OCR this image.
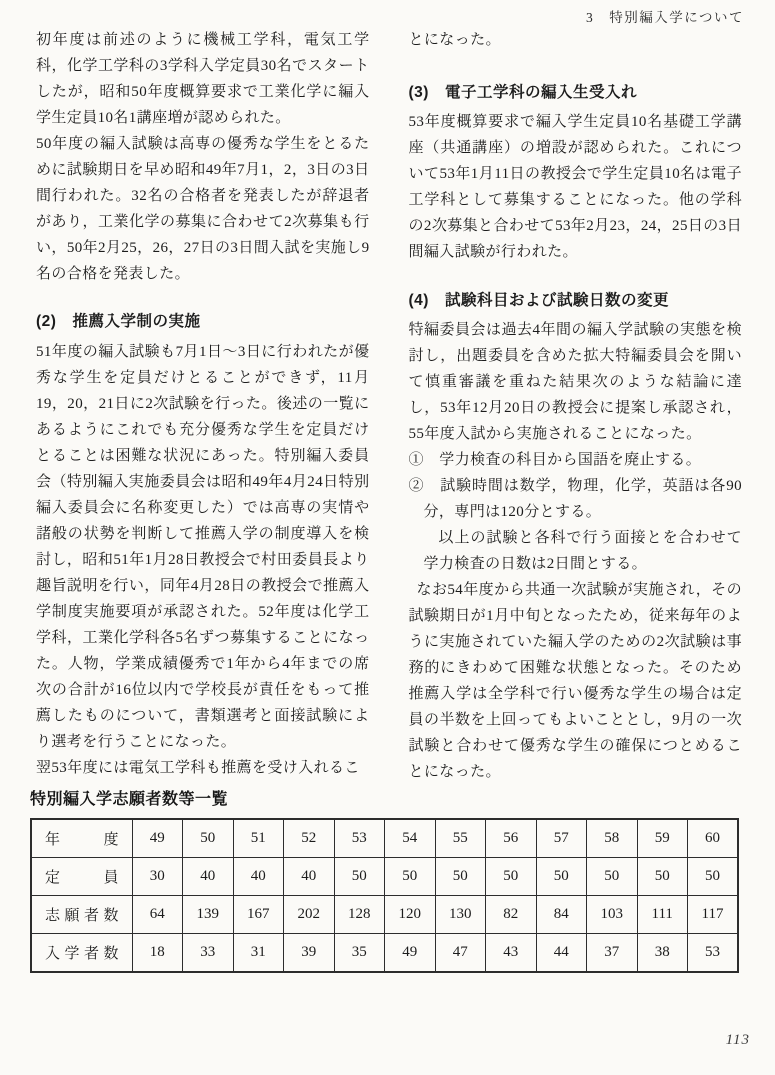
3　特別編入学について

初年度は前述のように機械工学科，電気工学科，化学工学科の3学科入学定員30名でスタートしたが，昭和50年度概算要求で工業化学に編入学生定員10名1講座増が認められた。

50年度の編入試験は高専の優秀な学生をとるために試験期日を早め昭和49年7月1，2，3日の3日間行われた。32名の合格者を発表したが辞退者があり，工業化学の募集に合わせて2次募集も行い，50年2月25，26，27日の3日間入試を実施し9名の合格を発表した。

(2)　推薦入学制の実施

51年度の編入試験も7月1日～3日に行われたが優秀な学生を定員だけとることができず，11月19，20，21日に2次試験を行った。後述の一覧にあるようにこれでも充分優秀な学生を定員だけとることは困難な状況にあった。特別編入委員会（特別編入実施委員会は昭和49年4月24日特別編入委員会に名称変更した）では高専の実情や諸般の状勢を判断して推薦入学の制度導入を検討し，昭和51年1月28日教授会で村田委員長より趣旨説明を行い，同年4月28日の教授会で推薦入学制度実施要項が承認された。52年度は化学工学科，工業化学科各5名ずつ募集することになった。人物，学業成績優秀で1年から4年までの席次の合計が16位以内で学校長が責任をもって推薦したものについて，書類選考と面接試験により選考を行うことになった。

翌53年度には電気工学科も推薦を受け入れるこ

とになった。

(3)　電子工学科の編入生受入れ

53年度概算要求で編入学生定員10名基礎工学講座（共通講座）の増設が認められた。これについて53年1月11日の教授会で学生定員10名は電子工学科として募集することになった。他の学科の2次募集と合わせて53年2月23，24，25日の3日間編入試験が行われた。

(4)　試験科目および試験日数の変更

特編委員会は過去4年間の編入学試験の実態を検討し，出題委員を含めた拡大特編委員会を開いて慎重審議を重ねた結果次のような結論に達し，53年12月20日の教授会に提案し承認され，55年度入試から実施されることになった。

①　学力検査の科目から国語を廃止する。

②　試験時間は数学，物理，化学，英語は各90分，専門は120分とする。

以上の試験と各科で行う面接とを合わせて学力検査の日数は2日間とする。

なお54年度から共通一次試験が実施され，その試験期日が1月中旬となったため，従来毎年のように実施されていた編入学のための2次試験は事務的にきわめて困難な状態となった。そのため推薦入学は全学科で行い優秀な学生の場合は定員の半数を上回ってもよいこととし，9月の一次試験と合わせて優秀な学生の確保につとめることになった。

特別編入学志願者数等一覧

年度	49	50	51	52	53	54	55	56	57	58	59	60
定員	30	40	40	40	50	50	50	50	50	50	50	50
志願者数	64	139	167	202	128	120	130	82	84	103	111	117
入学者数	18	33	31	39	35	49	47	43	44	37	38	53
113
